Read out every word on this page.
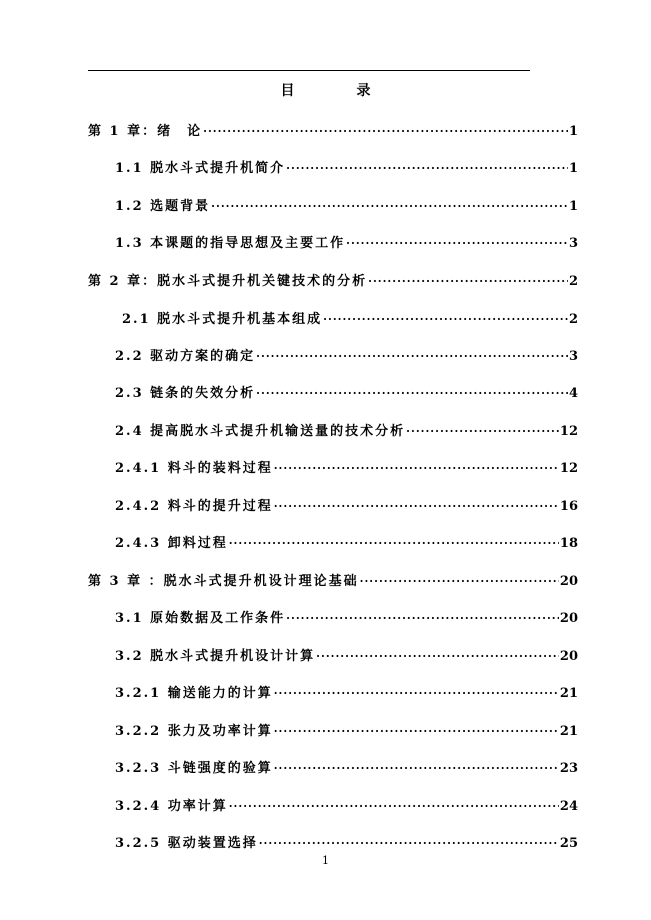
目　录
第 1 章：绪　论 ·····	1
1.1 脱水斗式提升机简介 ·····	1
1.2 选题背景 ·····	1
1.3 本课题的指导思想及主要工作 ·····	3
第 2 章：脱水斗式提升机关键技术的分析 ·····	2
2.1 脱水斗式提升机基本组成 ·····	2
2.2 驱动方案的确定 ·····	3
2.3 链条的失效分析 ·····	4
2.4 提高脱水斗式提升机输送量的技术分析 ·····	12
2.4.1 料斗的装料过程 ·····	12
2.4.2 料斗的提升过程 ·····	16
2.4.3 卸料过程 ·····	18
第 3 章 ：脱水斗式提升机设计理论基础 ·····	20
3.1 原始数据及工作条件 ·····	20
3.2 脱水斗式提升机设计计算 ·····	20
3.2.1 输送能力的计算 ·····	21
3.2.2 张力及功率计算 ·····	21
3.2.3 斗链强度的验算 ·····	23
3.2.4 功率计算 ·····	24
3.2.5 驱动装置选择 ·····	25
1
